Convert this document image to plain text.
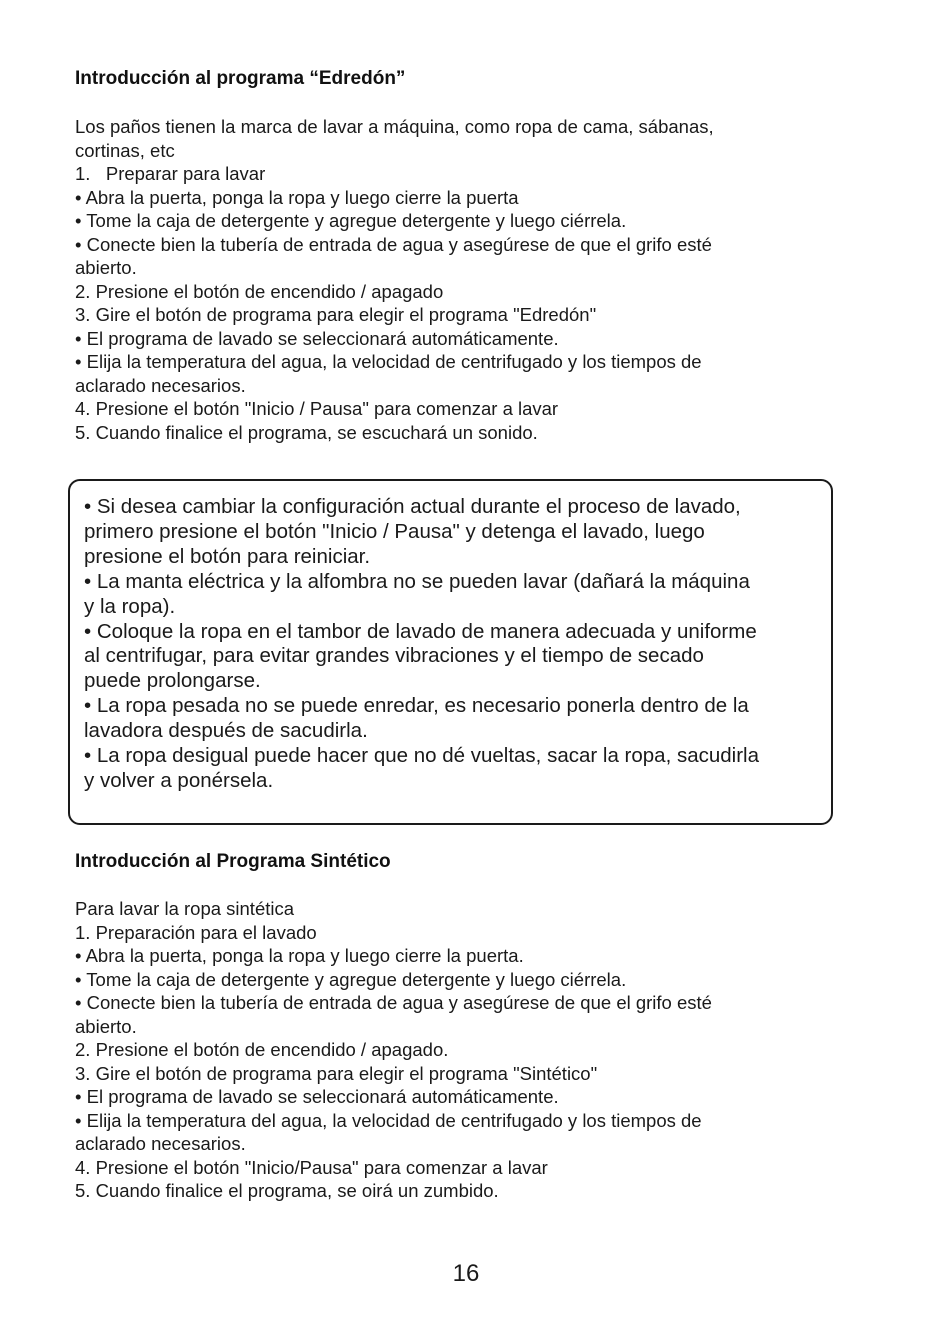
Introducción al programa “Edredón”
Los paños tienen la marca de lavar a máquina, como ropa de cama, sábanas,
cortinas, etc
1.   Preparar para lavar
• Abra la puerta, ponga la ropa y luego cierre la puerta
• Tome la caja de detergente y agregue detergente y luego ciérrela.
• Conecte bien la tubería de entrada de agua y asegúrese de que el grifo esté
abierto.
2. Presione el botón de encendido / apagado
3. Gire el botón de programa para elegir el programa "Edredón"
• El programa de lavado se seleccionará automáticamente.
• Elija la temperatura del agua, la velocidad de centrifugado y los tiempos de
aclarado necesarios.
4. Presione el botón "Inicio / Pausa" para comenzar a lavar
5. Cuando finalice el programa, se escuchará un sonido.
• Si desea cambiar la configuración actual durante el proceso de lavado,
primero presione el botón "Inicio / Pausa" y detenga el lavado, luego
presione el botón para reiniciar.
• La manta eléctrica y la alfombra no se pueden lavar (dañará la máquina
y la ropa).
• Coloque la ropa en el tambor de lavado de manera adecuada y uniforme
al centrifugar, para evitar grandes vibraciones y el tiempo de secado
puede prolongarse.
• La ropa pesada no se puede enredar, es necesario ponerla dentro de la
lavadora después de sacudirla.
• La ropa desigual puede hacer que no dé vueltas, sacar la ropa, sacudirla
y volver a ponérsela.
Introducción al Programa Sintético
Para lavar la ropa sintética
1. Preparación para el lavado
• Abra la puerta, ponga la ropa y luego cierre la puerta.
• Tome la caja de detergente y agregue detergente y luego ciérrela.
• Conecte bien la tubería de entrada de agua y asegúrese de que el grifo esté
abierto.
2. Presione el botón de encendido / apagado.
3. Gire el botón de programa para elegir el programa "Sintético"
• El programa de lavado se seleccionará automáticamente.
• Elija la temperatura del agua, la velocidad de centrifugado y los tiempos de
aclarado necesarios.
4. Presione el botón "Inicio/Pausa" para comenzar a lavar
5. Cuando finalice el programa, se oirá un zumbido.
16
